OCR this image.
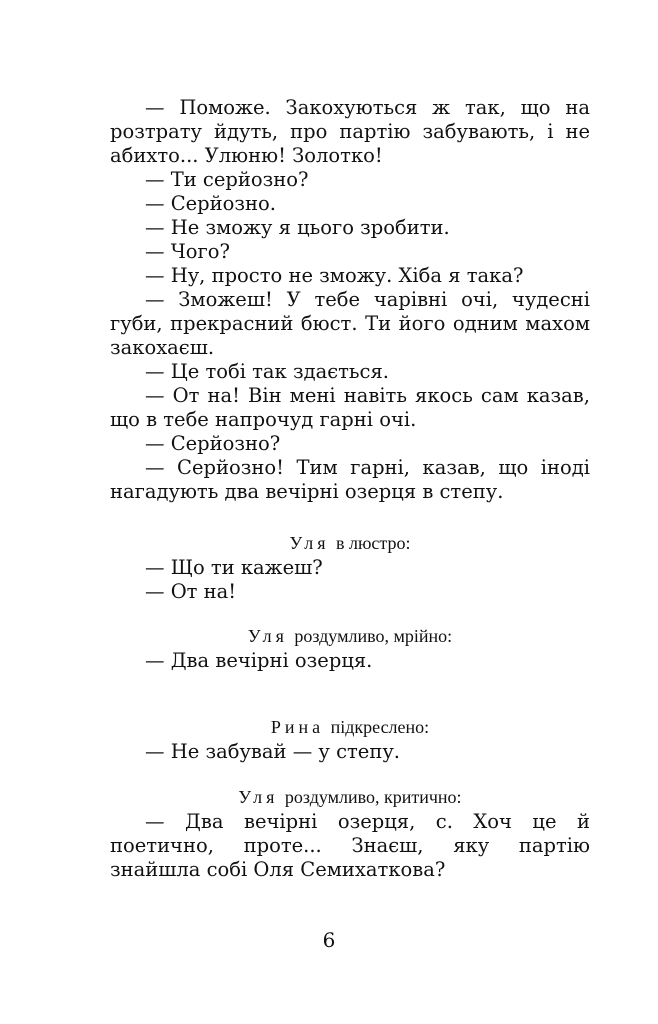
— Поможе. Закохуються ж так, що на розтрату йдуть, про партію забувають, і не абихто... Улюню! Золотко!

— Ти серйозно?

— Серйозно.

— Не зможу я цього зробити.

— Чого?

— Ну, просто не зможу. Хіба я така?

— Зможеш! У тебе чарівні очі, чудесні губи, прекрасний бюст. Ти його одним махом закохаєш.

— Це тобі так здається.

— От на! Він мені навіть якось сам казав, що в тебе напрочуд гарні очі.

— Серйозно?

— Серйозно! Тим гарні, казав, що іноді нагадують два вечірні озерця в степу.

Уля в люстро:

— Що ти кажеш?

— От на!

Уля роздумливо, мрійно:

— Два вечірні озерця.

Рина підкреслено:

— Не забувай — у степу.

Уля роздумливо, критично:

— Два вечірні озерця, с. Хоч це й поетично, проте... Знаєш, яку партію знайшла собі Оля Семихаткова?

6
